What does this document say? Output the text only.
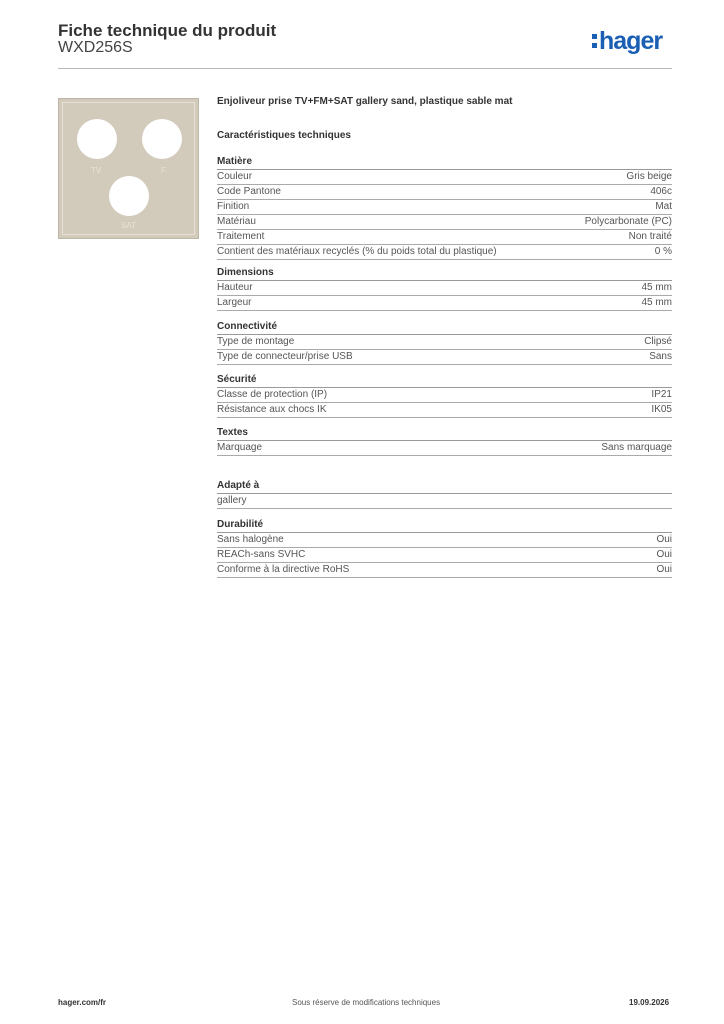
Fiche technique du produit
WXD256S	hager
TV	F
SAT
Enjoliveur prise TV+FM+SAT gallery sand, plastique sable mat
Caractéristiques techniques
Matière
Couleur	Gris beige
Code Pantone	406c
Finition	Mat
Matériau	Polycarbonate (PC)
Traitement	Non traité
Contient des matériaux recyclés (% du poids total du plastique)	0 %
Dimensions
Hauteur	45 mm
Largeur	45 mm
Connectivité
Type de montage	Clipsé
Type de connecteur/prise USB	Sans
Sécurité
Classe de protection (IP)	IP21
Résistance aux chocs IK	IK05
Textes
Marquage	Sans marquage
Adapté à
gallery
Durabilité
Sans halogène	Oui
REACh-sans SVHC	Oui
Conforme à la directive RoHS	Oui
hager.com/fr	Sous réserve de modifications techniques	19.09.2026
